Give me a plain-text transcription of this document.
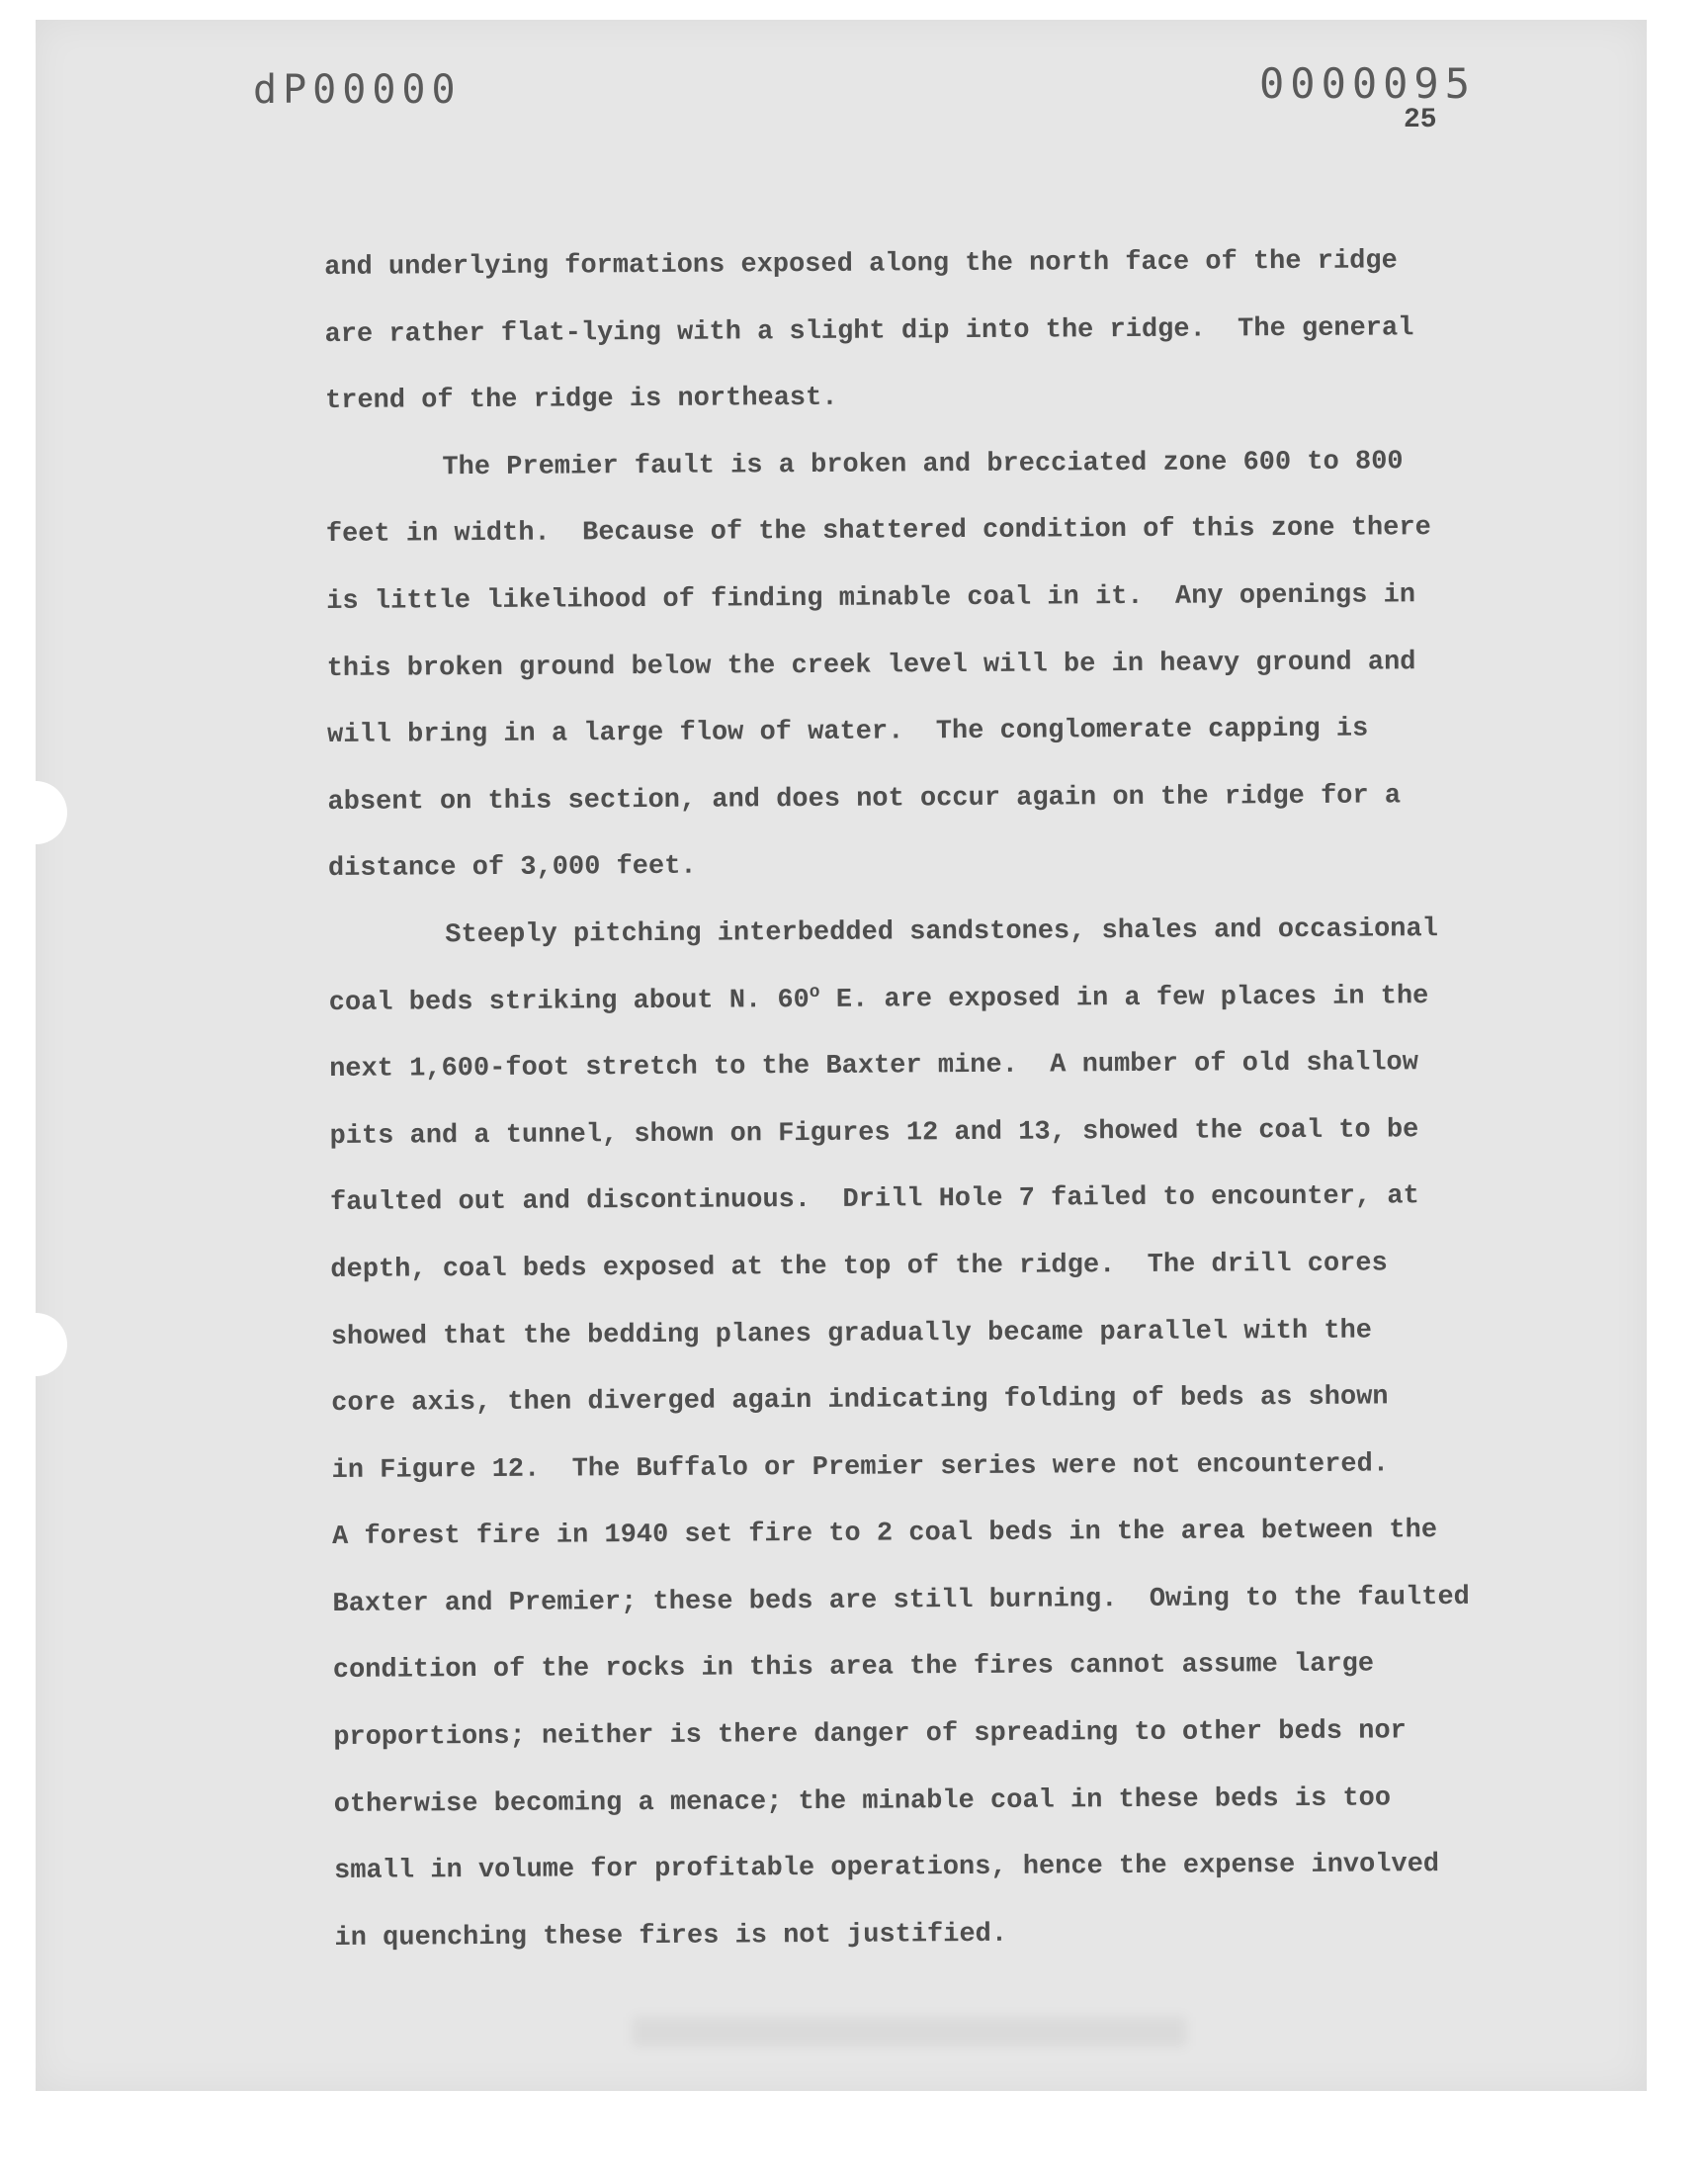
dP00000	0000095
25
and underlying formations exposed along the north face of the ridge
are rather flat-lying with a slight dip into the ridge.  The general
trend of the ridge is northeast.
The Premier fault is a broken and brecciated zone 600 to 800
feet in width.  Because of the shattered condition of this zone there
is little likelihood of finding minable coal in it.  Any openings in
this broken ground below the creek level will be in heavy ground and
will bring in a large flow of water.  The conglomerate capping is
absent on this section, and does not occur again on the ridge for a
distance of 3,000 feet.
Steeply pitching interbedded sandstones, shales and occasional
coal beds striking about N. 60$^o$ E. are exposed in a few places in the
next 1,600-foot stretch to the Baxter mine.  A number of old shallow
pits and a tunnel, shown on Figures 12 and 13, showed the coal to be
faulted out and discontinuous.  Drill Hole 7 failed to encounter, at
depth, coal beds exposed at the top of the ridge.  The drill cores
showed that the bedding planes gradually became parallel with the
core axis, then diverged again indicating folding of beds as shown
in Figure 12.  The Buffalo or Premier series were not encountered.
A forest fire in 1940 set fire to 2 coal beds in the area between the
Baxter and Premier; these beds are still burning.  Owing to the faulted
condition of the rocks in this area the fires cannot assume large
proportions; neither is there danger of spreading to other beds nor
otherwise becoming a menace; the minable coal in these beds is too
small in volume for profitable operations, hence the expense involved
in quenching these fires is not justified.
